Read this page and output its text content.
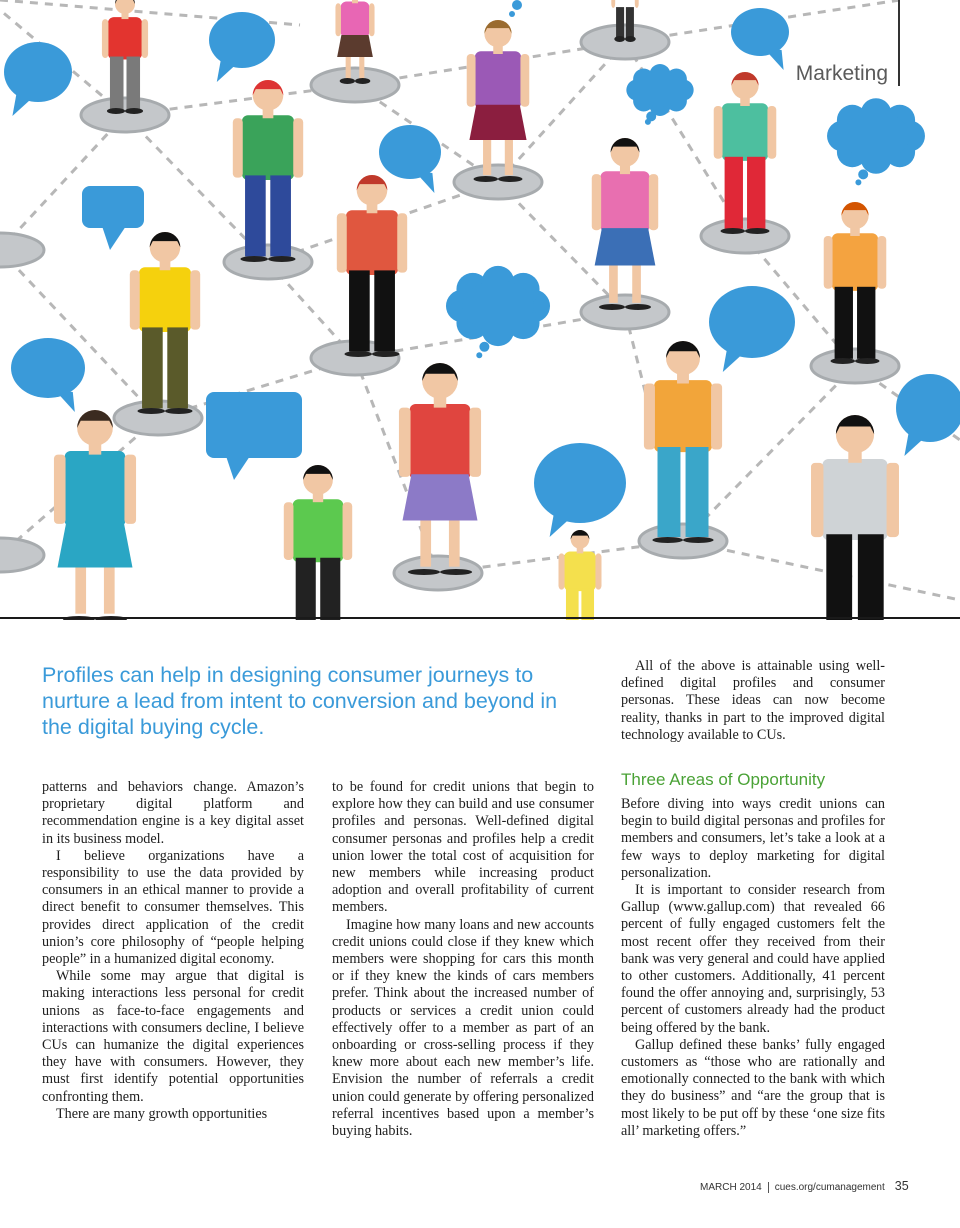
Marketing
Profiles can help in designing consumer journeys to nurture a lead from intent to conversion and beyond in the digital buying cycle.

patterns and behaviors change. Amazon’s proprietary digital platform and recommendation engine is a key digital asset in its business model.

I believe organizations have a responsibility to use the data provided by consumers in an ethical manner to provide a direct benefit to consumer themselves. This provides direct application of the credit union’s core philosophy of “people helping people” in a humanized digital economy.

While some may argue that digital is making interactions less personal for credit unions as face-to-face engagements and interactions with consumers decline, I believe CUs can humanize the digital experiences they have with consumers. However, they must first identify potential opportunities confronting them.

There are many growth opportunities

to be found for credit unions that begin to explore how they can build and use consumer profiles and personas. Well-defined digital consumer personas and profiles help a credit union lower the total cost of acquisition for new members while increasing product adoption and overall profitability of current members.

Imagine how many loans and new accounts credit unions could close if they knew which members were shopping for cars this month or if they knew the kinds of cars members prefer. Think about the increased number of products or services a credit union could effectively offer to a member as part of an onboarding or cross-selling process if they knew more about each new member’s life. Envision the number of referrals a credit union could generate by offering personalized referral incentives based upon a member’s buying habits.

All of the above is attainable using well-defined digital profiles and consumer personas. These ideas can now become reality, thanks in part to the improved digital technology available to CUs.

Three Areas of Opportunity

Before diving into ways credit unions can begin to build digital personas and profiles for members and consumers, let’s take a look at a few ways to deploy marketing for digital personalization.

It is important to consider research from Gallup (www.gallup.com) that revealed 66 percent of fully engaged customers felt the most recent offer they received from their bank was very general and could have applied to other customers. Additionally, 41 percent found the offer annoying and, surprisingly, 53 percent of customers already had the product being offered by the bank.

Gallup defined these banks’ fully engaged customers as “those who are rationally and emotionally connected to the bank with which they do business” and “are the group that is most likely to be put off by these ‘one size fits all’ marketing offers.”

MARCH 2014 cues.org/cumanagement 35
